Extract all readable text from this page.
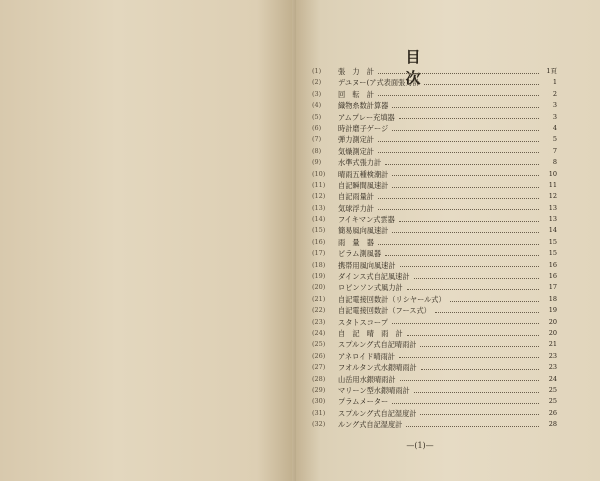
目　次
(1)	張　力　計	1頁
(2)	デユヌー(ア式表面張力計	1
(3)	回　転　計	2
(4)	織物糸数計算器	3
(5)	アムプレー充填器	3
(6)	時計磨子ゲージ	4
(7)	弾力測定計	5
(8)	気燥測定計	7
(9)	水準式張力計	8
(10)	晴雨五種検潮計	10
(11)	自記瞬間風速計	11
(12)	自記雨量計	12
(13)	気球浮力計	13
(14)	フイキマン式雲器	13
(15)	簡易風向風速計	14
(16)	雨　量　器	15
(17)	ビラム測風器	15
(18)	携帯用風向風速計	16
(19)	ダインス式自記風速計	16
(20)	ロビンソン式風力計	17
(21)	自記電接回数計（リシヤール式）	18
(22)	自記電接回数計（フース式）	19
(23)	スタトスコープ	20
(24)	自　記　晴　雨　計	20
(25)	スプルング式自記晴雨計	21
(26)	アネロイド晴雨計	23
(27)	フオルタン式水銀晴雨計	23
(28)	山岳用水銀晴雨計	24
(29)	マリーン型水銀晴雨計	25
(30)	プラムメーター	25
(31)	スプルング式自記湿度計	26
(32)	ルング式自記湿度計	28
—(1)—
